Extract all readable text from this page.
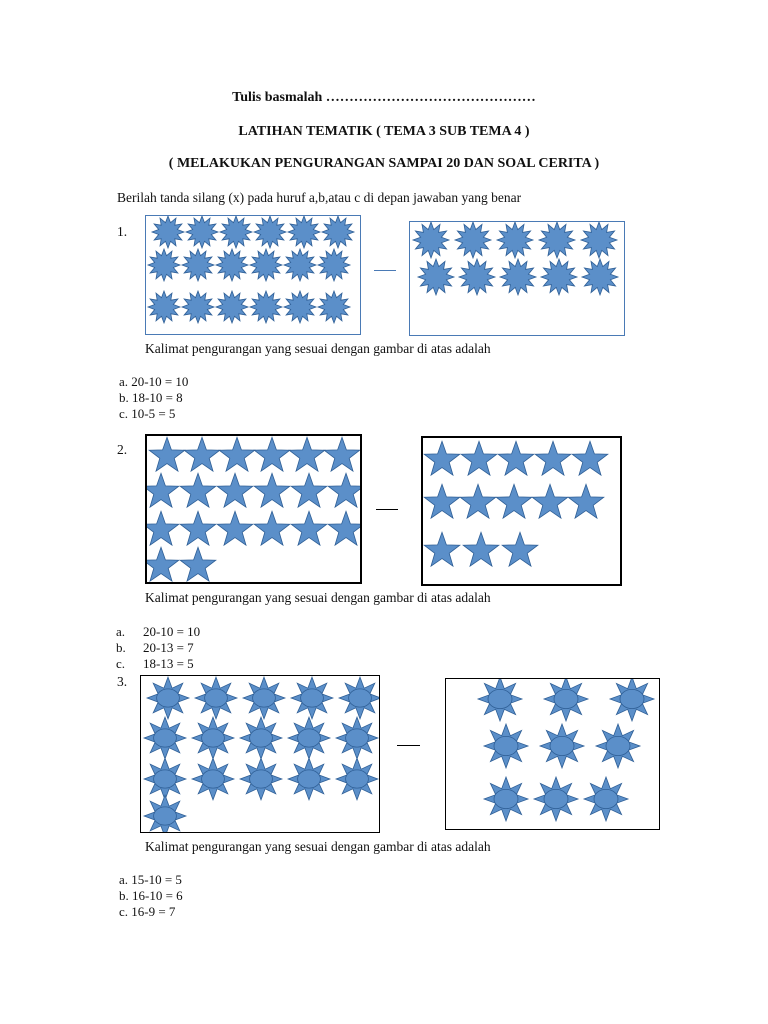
Tulis basmalah ………………………………………
LATIHAN TEMATIK ( TEMA 3 SUB TEMA 4 )
( MELAKUKAN PENGURANGAN SAMPAI 20 DAN SOAL CERITA )
Berilah tanda silang (x) pada huruf a,b,atau c di depan jawaban yang benar
1.
Kalimat pengurangan yang sesuai dengan gambar di atas adalah
a. 20-10 = 10
b. 18-10 = 8
c. 10-5 = 5
2.
Kalimat pengurangan yang sesuai dengan gambar di atas adalah
a. 20-10 = 10
b. 20-13 = 7
c. 18-13 = 5
3.
Kalimat pengurangan yang sesuai dengan gambar di atas adalah
a. 15-10 = 5
b. 16-10 = 6
c. 16-9 = 7
